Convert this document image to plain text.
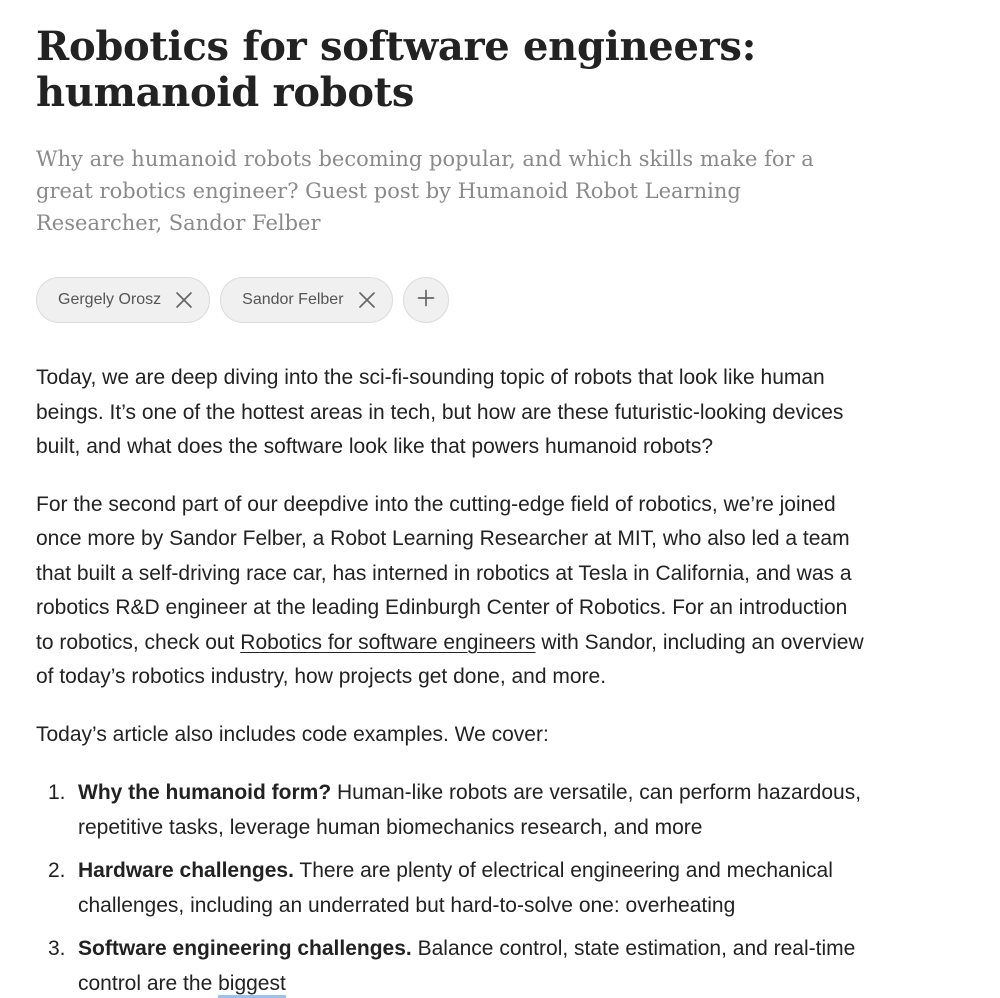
Robotics for software engineers: humanoid robots

Why are humanoid robots becoming popular, and which skills make for a great robotics engineer? Guest post by Humanoid Robot Learning Researcher, Sandor Felber

Gergely Orosz	Sandor Felber

Today, we are deep diving into the sci-fi-sounding topic of robots that look like human beings. It’s one of the hottest areas in tech, but how are these futuristic-looking devices built, and what does the software look like that powers humanoid robots?

For the second part of our deepdive into the cutting-edge field of robotics, we’re joined once more by Sandor Felber, a Robot Learning Researcher at MIT, who also led a team that built a self-driving race car, has interned in robotics at Tesla in California, and was a robotics R&D engineer at the leading Edinburgh Center of Robotics. For an introduction to robotics, check out Robotics for software engineers with Sandor, including an overview of today’s robotics industry, how projects get done, and more.

Today’s article also includes code examples. We cover:

1. Why the humanoid form? Human-like robots are versatile, can perform hazardous, repetitive tasks, leverage human biomechanics research, and more
2. Hardware challenges. There are plenty of electrical engineering and mechanical challenges, including an underrated but hard-to-solve one: overheating
3. Software engineering challenges. Balance control, state estimation, and real-time control are the biggest
